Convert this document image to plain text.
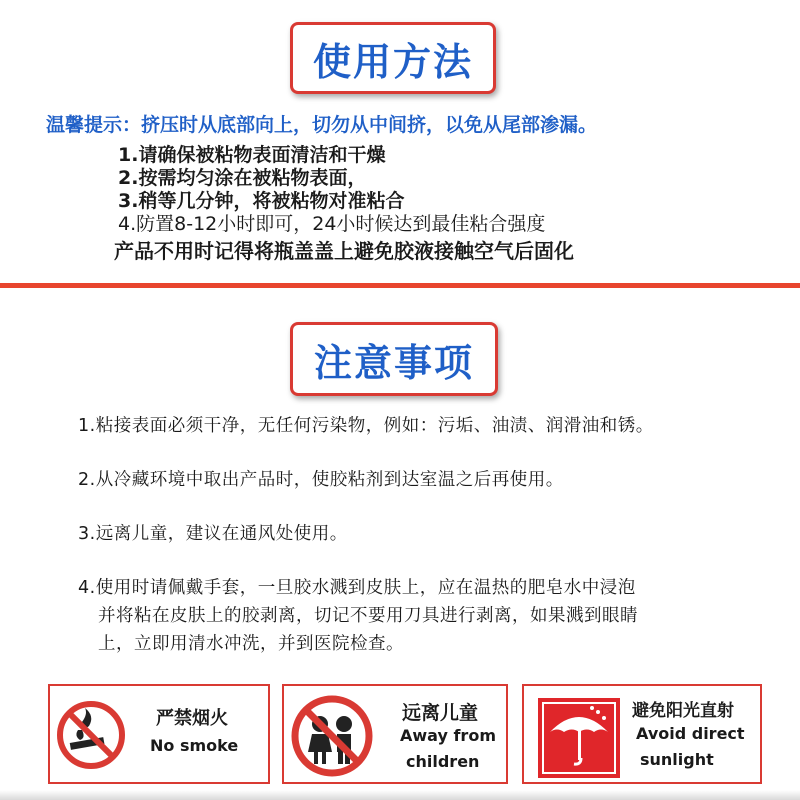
使用方法
温馨提示：挤压时从底部向上，切勿从中间挤，以免从尾部渗漏。
1.请确保被粘物表面清洁和干燥
2.按需均匀涂在被粘物表面，
3.稍等几分钟，将被粘物对准粘合
4.防置8-12小时即可，24小时候达到最佳粘合强度
产品不用时记得将瓶盖盖上避免胶液接触空气后固化
注意事项
1.粘接表面必须干净，无任何污染物，例如：污垢、油渍、润滑油和锈。
2.从冷藏环境中取出产品时，使胶粘剂到达室温之后再使用。
3.远离儿童，建议在通风处使用。
4.使用时请佩戴手套，一旦胶水溅到皮肤上，应在温热的肥皂水中浸泡
并将粘在皮肤上的胶剥离，切记不要用刀具进行剥离，如果溅到眼睛
上，立即用清水冲洗，并到医院检查。
严禁烟火
No smoke
远离儿童
Away from
children
避免阳光直射
Avoid direct
sunlight
